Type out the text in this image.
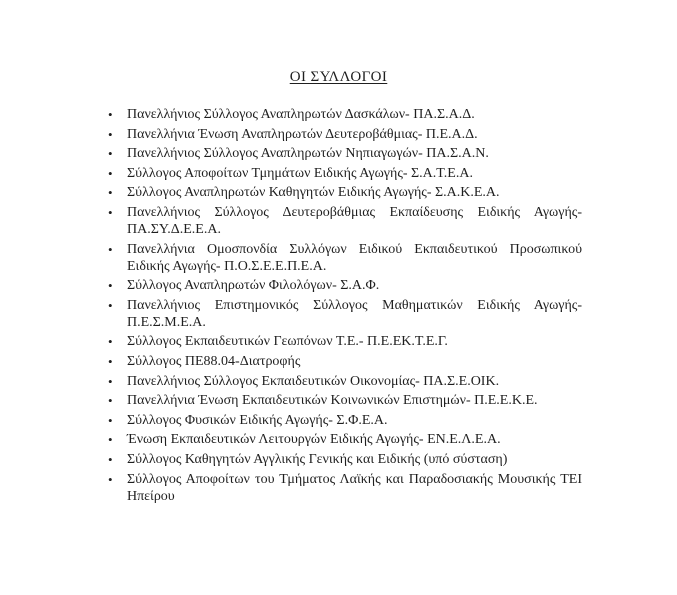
ΟΙ ΣΥΛΛΟΓΟΙ
•	Πανελλήνιος Σύλλογος Αναπληρωτών Δασκάλων- ΠΑ.Σ.Α.Δ.
•	Πανελλήνια Ένωση Αναπληρωτών Δευτεροβάθμιας- Π.Ε.Α.Δ.
•	Πανελλήνιος Σύλλογος Αναπληρωτών Νηπιαγωγών- ΠΑ.Σ.Α.Ν.
•	Σύλλογος Αποφοίτων Τμημάτων Ειδικής Αγωγής- Σ.Α.Τ.Ε.Α.
•	Σύλλογος Αναπληρωτών Καθηγητών Ειδικής Αγωγής- Σ.Α.Κ.Ε.Α.
•	Πανελλήνιος Σύλλογος Δευτεροβάθμιας Εκπαίδευσης Ειδικής Αγωγής- ΠΑ.ΣΥ.Δ.Ε.Ε.Α.
•	Πανελλήνια Ομοσπονδία Συλλόγων Ειδικού Εκπαιδευτικού Προσωπικού Ειδικής Αγωγής- Π.Ο.Σ.Ε.Ε.Π.Ε.Α.
•	Σύλλογος Αναπληρωτών Φιλολόγων- Σ.Α.Φ.
•	Πανελλήνιος Επιστημονικός Σύλλογος Μαθηματικών Ειδικής Αγωγής- Π.Ε.Σ.Μ.Ε.Α.
•	Σύλλογος Εκπαιδευτικών Γεωπόνων Τ.Ε.- Π.Ε.ΕΚ.Τ.Ε.Γ.
•	Σύλλογος ΠΕ88.04-Διατροφής
•	Πανελλήνιος Σύλλογος Εκπαιδευτικών Οικονομίας- ΠΑ.Σ.Ε.ΟΙΚ.
•	Πανελλήνια Ένωση Εκπαιδευτικών Κοινωνικών Επιστημών- Π.Ε.Ε.Κ.Ε.
•	Σύλλογος Φυσικών Ειδικής Αγωγής- Σ.Φ.Ε.Α.
•	Ένωση Εκπαιδευτικών Λειτουργών Ειδικής Αγωγής- ΕΝ.Ε.Λ.Ε.Α.
•	Σύλλογος Καθηγητών Αγγλικής Γενικής και Ειδικής (υπό σύσταση)
•	Σύλλογος Αποφοίτων του Τμήματος Λαϊκής και Παραδοσιακής Μουσικής ΤΕΙ Ηπείρου
